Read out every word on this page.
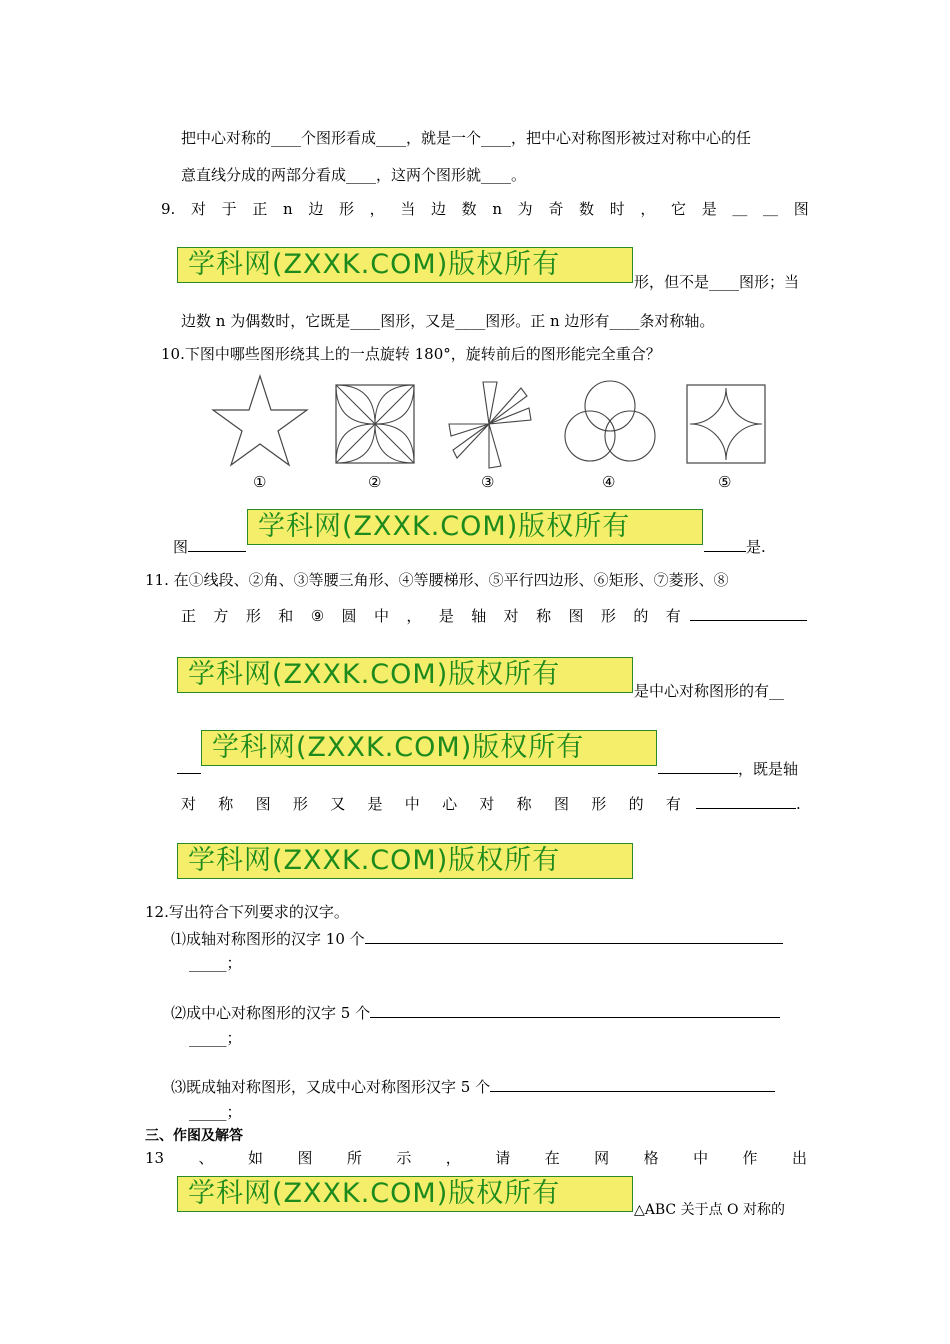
把中心对称的____个图形看成____，就是一个____，把中心对称图形被过对称中心的任
意直线分成的两部分看成____，这两个图形就____。
9. 对 于 正 n 边 形 ， 当 边 数 n 为 奇 数 时 ， 它 是 ＿ ＿ 图
学科网(ZXXK.COM)版权所有
形，但不是____图形；当
边数 n 为偶数时，它既是____图形，又是____图形。正 n 边形有____条对称轴。
10.下图中哪些图形绕其上的一点旋转 180°，旋转前后的图形能完全重合？
①	②	③	④	⑤
图
学科网(ZXXK.COM)版权所有
是.
11. 在①线段、②角、③等腰三角形、④等腰梯形、⑤平行四边形、⑥矩形、⑦菱形、⑧
正 方 形 和 ⑨ 圆 中 ， 是 轴 对 称 图 形 的 有
学科网(ZXXK.COM)版权所有
是中心对称图形的有__
学科网(ZXXK.COM)版权所有
，既是轴
对 称 图 形 又 是 中 心 对 称 图 形 的 有	.
学科网(ZXXK.COM)版权所有
12.写出符合下列要求的汉字。
⑴成轴对称图形的汉字 10 个
_____；
⑵成中心对称图形的汉字 5 个
_____；
⑶既成轴对称图形，又成中心对称图形汉字 5 个
_____；
三、作图及解答
13 、 如 图 所 示 ， 请 在 网 格 中 作 出
学科网(ZXXK.COM)版权所有
△ABC 关于点 O 对称的
